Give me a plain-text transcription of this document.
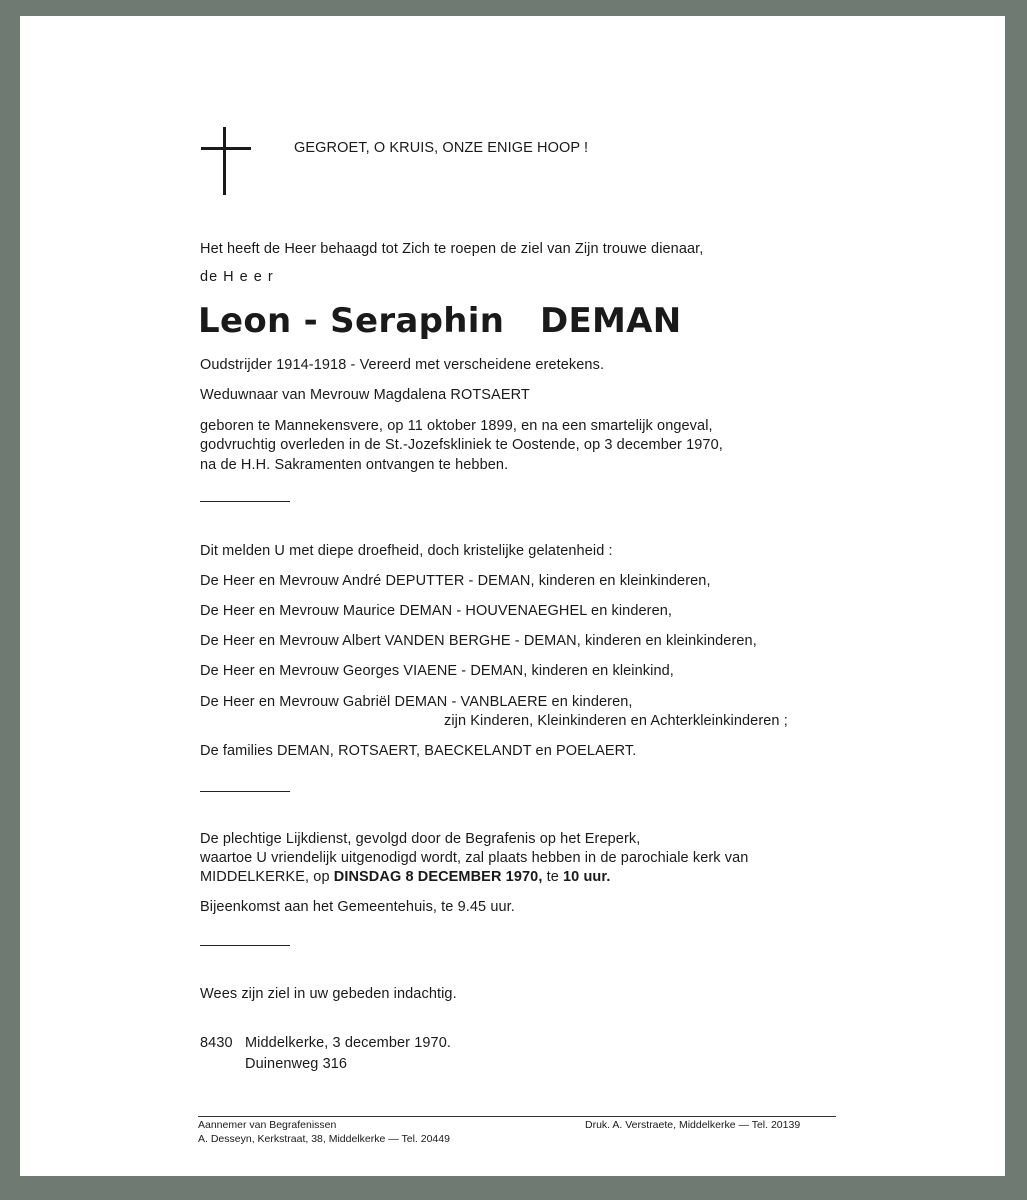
GEGROET, O KRUIS, ONZE ENIGE HOOP !
Het heeft de Heer behaagd tot Zich te roepen de ziel van Zijn trouwe dienaar,
de H e e r
Leon - Seraphin DEMAN
Oudstrijder 1914-1918 - Vereerd met verscheidene eretekens.
Weduwnaar van Mevrouw Magdalena ROTSAERT
geboren te Mannekensvere, op 11 oktober 1899, en na een smartelijk ongeval,
godvruchtig overleden in de St.-Jozefskliniek te Oostende, op 3 december 1970,
na de H.H. Sakramenten ontvangen te hebben.
Dit melden U met diepe droefheid, doch kristelijke gelatenheid :
De Heer en Mevrouw André DEPUTTER - DEMAN, kinderen en kleinkinderen,
De Heer en Mevrouw Maurice DEMAN - HOUVENAEGHEL en kinderen,
De Heer en Mevrouw Albert VANDEN BERGHE - DEMAN, kinderen en kleinkinderen,
De Heer en Mevrouw Georges VIAENE - DEMAN, kinderen en kleinkind,
De Heer en Mevrouw Gabriël DEMAN - VANBLAERE en kinderen,
zijn Kinderen, Kleinkinderen en Achterkleinkinderen ;
De families DEMAN, ROTSAERT, BAECKELANDT en POELAERT.
De plechtige Lijkdienst, gevolgd door de Begrafenis op het Ereperk,
waartoe U vriendelijk uitgenodigd wordt, zal plaats hebben in de parochiale kerk van
MIDDELKERKE, op DINSDAG 8 DECEMBER 1970, te 10 uur.
Bijeenkomst aan het Gemeentehuis, te 9.45 uur.
Wees zijn ziel in uw gebeden indachtig.
8430 Middelkerke, 3 december 1970.
Duinenweg 316
Aannemer van Begrafenissen
A. Desseyn, Kerkstraat, 38, Middelkerke — Tel. 20449
Druk. A. Verstraete, Middelkerke — Tel. 20139
